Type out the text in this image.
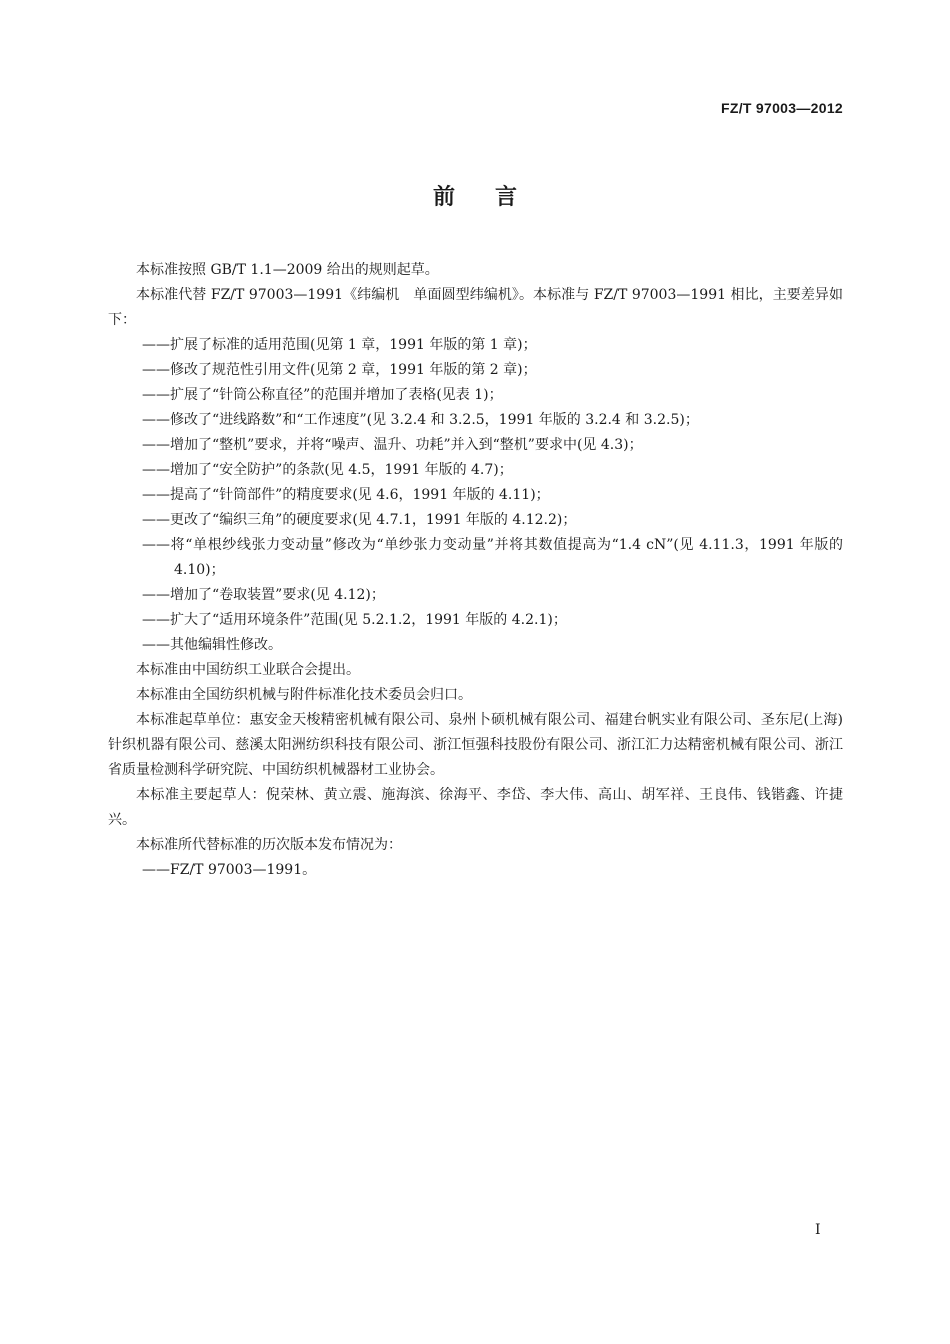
FZ/T 97003—2012
前言

本标准按照 GB/T 1.1—2009 给出的规则起草。

本标准代替 FZ/T 97003—1991《纬编机　单面圆型纬编机》。本标准与 FZ/T 97003—1991 相比，主要差异如下：

——扩展了标准的适用范围(见第 1 章，1991 年版的第 1 章)；

——修改了规范性引用文件(见第 2 章，1991 年版的第 2 章)；

——扩展了“针筒公称直径”的范围并增加了表格(见表 1)；

——修改了“进线路数”和“工作速度”(见 3.2.4 和 3.2.5，1991 年版的 3.2.4 和 3.2.5)；

——增加了“整机”要求，并将“噪声、温升、功耗”并入到“整机”要求中(见 4.3)；

——增加了“安全防护”的条款(见 4.5，1991 年版的 4.7)；

——提高了“针筒部件”的精度要求(见 4.6，1991 年版的 4.11)；

——更改了“编织三角”的硬度要求(见 4.7.1，1991 年版的 4.12.2)；

——将“单根纱线张力变动量”修改为“单纱张力变动量”并将其数值提高为“1.4 cN”(见 4.11.3，1991 年版的 4.10)；

——增加了“卷取装置”要求(见 4.12)；

——扩大了“适用环境条件”范围(见 5.2.1.2，1991 年版的 4.2.1)；

——其他编辑性修改。

本标准由中国纺织工业联合会提出。

本标准由全国纺织机械与附件标准化技术委员会归口。

本标准起草单位：惠安金天梭精密机械有限公司、泉州卜硕机械有限公司、福建台帆实业有限公司、圣东尼(上海)针织机器有限公司、慈溪太阳洲纺织科技有限公司、浙江恒强科技股份有限公司、浙江汇力达精密机械有限公司、浙江省质量检测科学研究院、中国纺织机械器材工业协会。

本标准主要起草人：倪荣林、黄立震、施海滨、徐海平、李岱、李大伟、高山、胡军祥、王良伟、钱锴鑫、许捷兴。

本标准所代替标准的历次版本发布情况为：

——FZ/T 97003—1991。

I
